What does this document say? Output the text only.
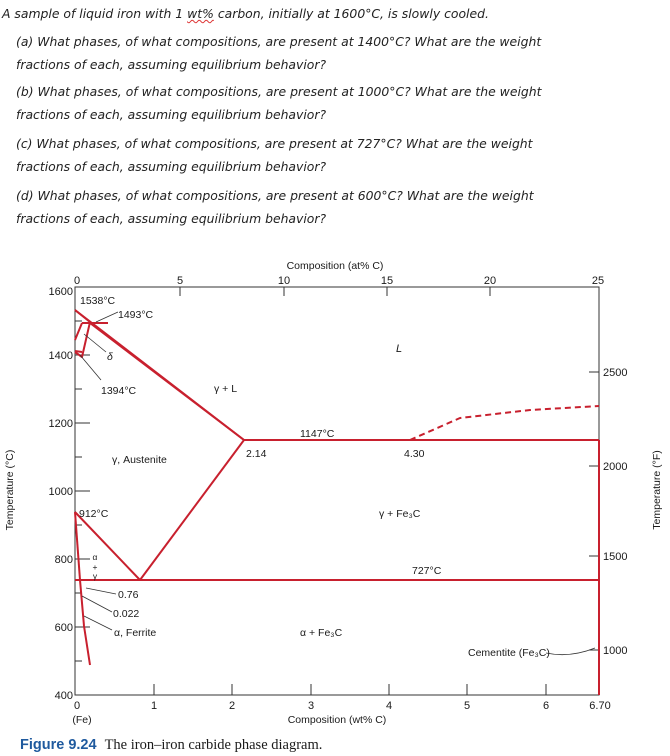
A sample of liquid iron with 1 wt% carbon, initially at 1600°C, is slowly cooled.
(a) What phases, of what compositions, are present at 1400°C? What are the weight
fractions of each, assuming equilibrium behavior?
(b) What phases, of what compositions, are present at 1000°C? What are the weight
fractions of each, assuming equilibrium behavior?
(c) What phases, of what compositions, are present at 727°C? What are the weight
fractions of each, assuming equilibrium behavior?
(d) What phases, of what compositions, are present at 600°C? What are the weight
fractions of each, assuming equilibrium behavior?
Composition (at% C)
0	5	10	15	20	25
1600
1400
1200
1000
800
600
400
Temperature (°C)
2500
2000
1500
1000
Temperature (°F)
0	1	2	3	4	5	6	6.70
(Fe)	Composition (wt% C)
1538°C
1493°C
δ
L
1394°C	γ + L
1147°C
2.14	4.30
γ, Austenite
912°C	γ + Fe₃C
727°C
0.76
0.022
α, Ferrite	α + Fe₃C
Cementite (Fe₃C)
α
+
γ
Figure 9.24 The iron–iron carbide phase diagram.
